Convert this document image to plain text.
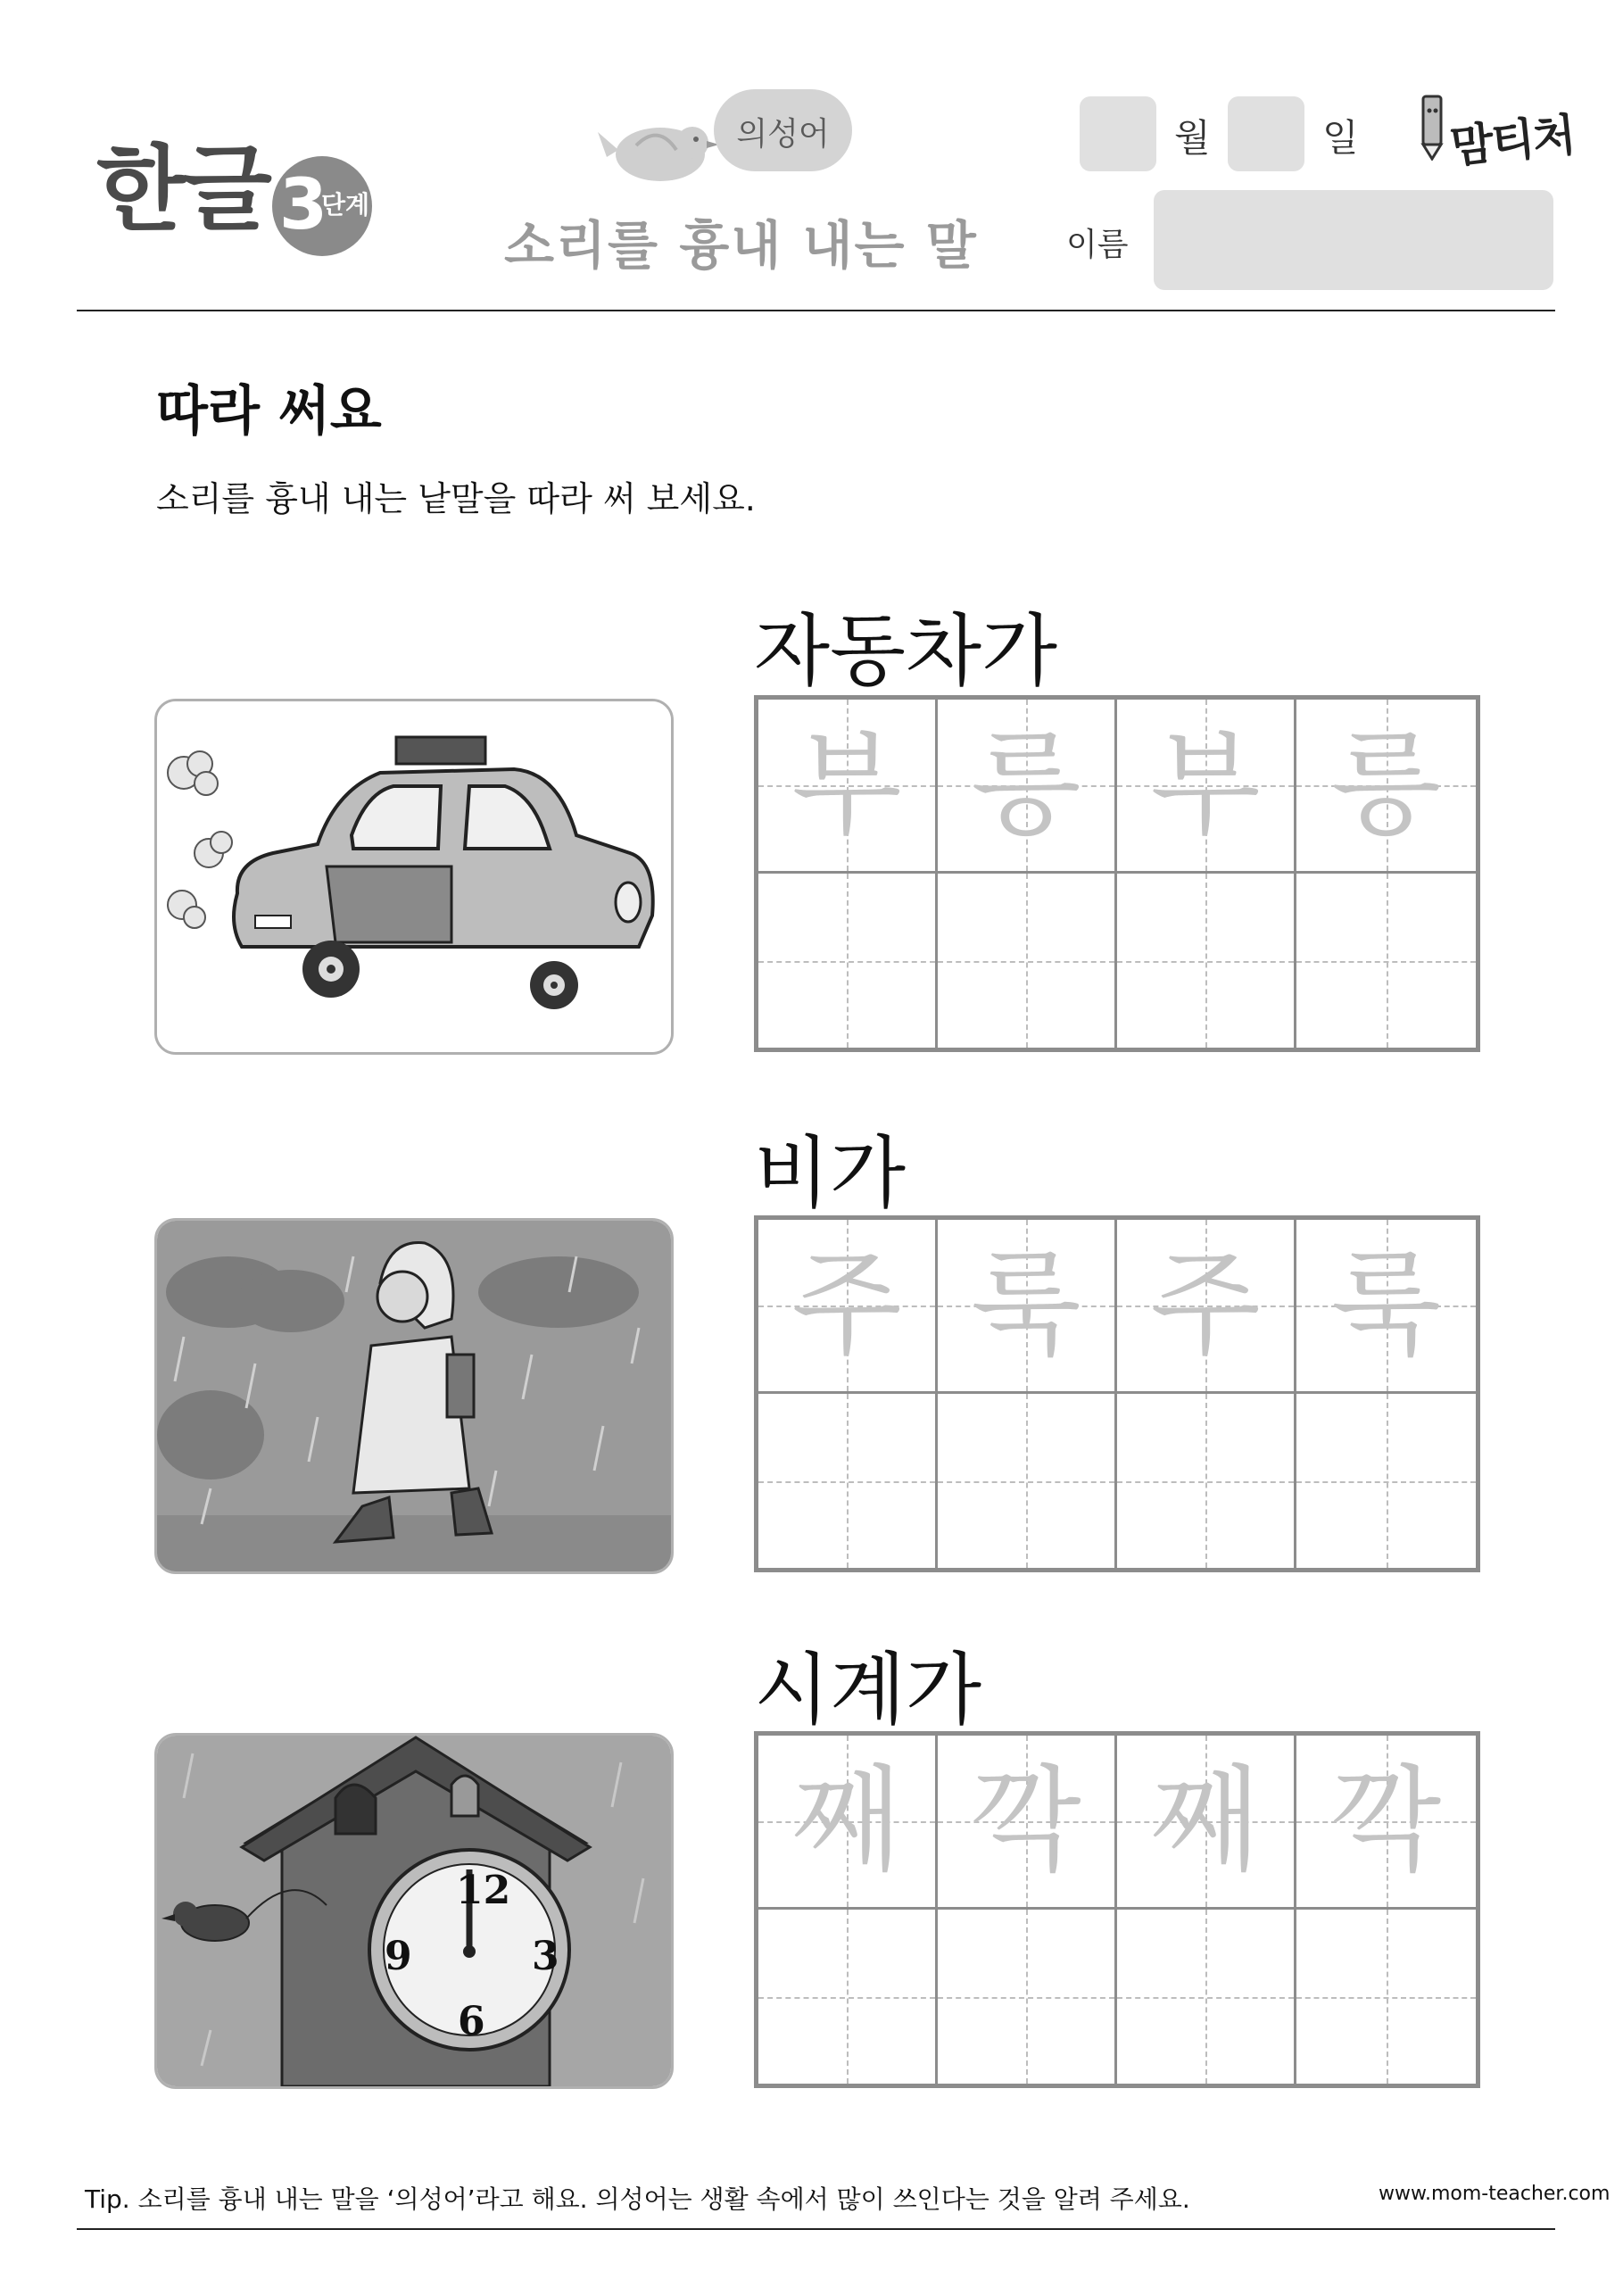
한글 3
단계
의성어
소리를 흉내 내는 말
월	일
이름
맘티처
따라 써요
소리를 흉내 내는 낱말을 따라 써 보세요.
자동차가
부 릉 부 릉
비가
주 룩 주 룩
시계가
12
3
6
9
째 깍 째 깍
Tip. 소리를 흉내 내는 말을 ‘의성어’라고 해요. 의성어는 생활 속에서 많이 쓰인다는 것을 알려 주세요.	www.mom-teacher.com
